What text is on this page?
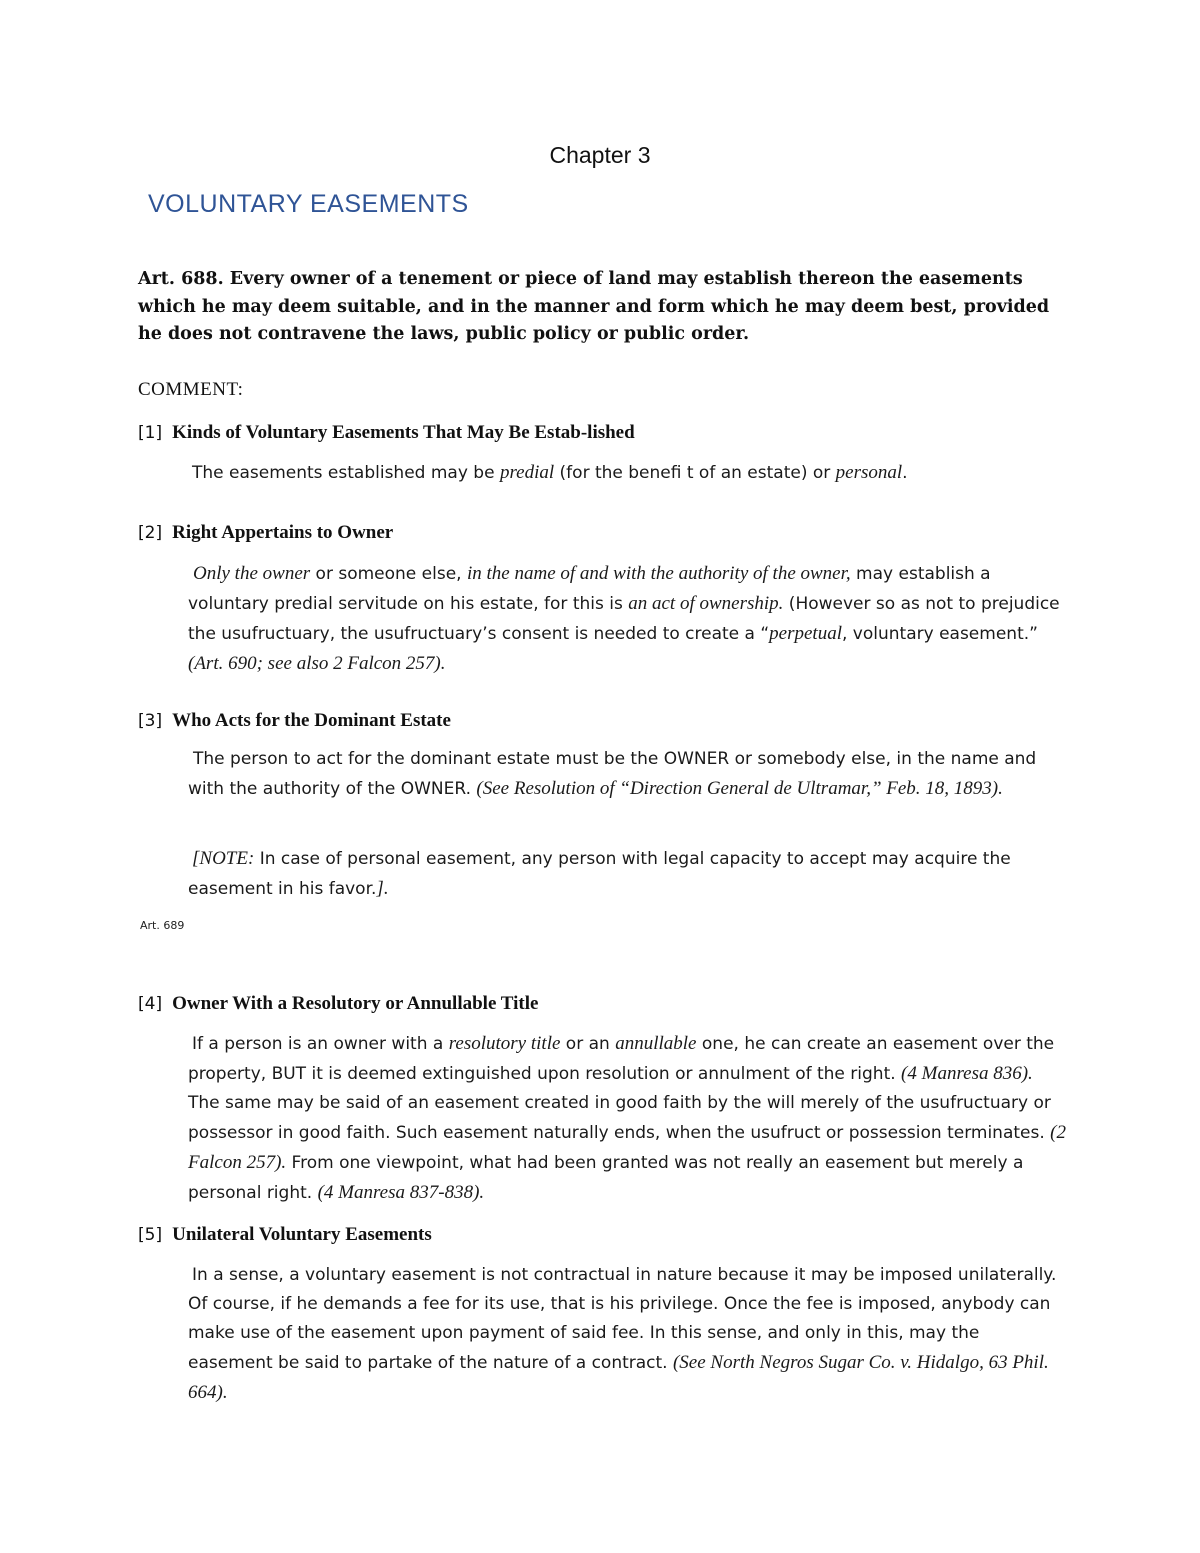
Chapter 3
VOLUNTARY EASEMENTS
Art. 688. Every owner of a tenement or piece of land may establish thereon the easements which he may deem suitable, and in the manner and form which he may deem best, provided he does not contravene the laws, public policy or public order.
COMMENT:
[1] Kinds of Voluntary Easements That May Be Estab-lished
The easements established may be predial (for the benefi t of an estate) or personal.
[2] Right Appertains to Owner
Only the owner or someone else, in the name of and with the authority of the owner, may establish a voluntary predial servitude on his estate, for this is an act of ownership. (However so as not to prejudice the usufructuary, the usufructuary’s consent is needed to create a “perpetual, voluntary easement.” (Art. 690; see also 2 Falcon 257).
[3] Who Acts for the Dominant Estate
The person to act for the dominant estate must be the OWNER or somebody else, in the name and with the authority of the OWNER. (See Resolution of “Direction General de Ultramar,” Feb. 18, 1893).
[NOTE: In case of personal easement, any person with legal capacity to accept may acquire the easement in his favor.].
Art. 689
[4] Owner With a Resolutory or Annullable Title
If a person is an owner with a resolutory title or an annullable one, he can create an easement over the property, BUT it is deemed extinguished upon resolution or annulment of the right. (4 Manresa 836). The same may be said of an easement created in good faith by the will merely of the usufructuary or possessor in good faith. Such easement naturally ends, when the usufruct or possession terminates. (2 Falcon 257). From one viewpoint, what had been granted was not really an easement but merely a personal right. (4 Manresa 837-838).
[5] Unilateral Voluntary Easements
In a sense, a voluntary easement is not contractual in nature because it may be imposed unilaterally. Of course, if he demands a fee for its use, that is his privilege. Once the fee is imposed, anybody can make use of the easement upon payment of said fee. In this sense, and only in this, may the easement be said to partake of the nature of a contract. (See North Negros Sugar Co. v. Hidalgo, 63 Phil. 664).
